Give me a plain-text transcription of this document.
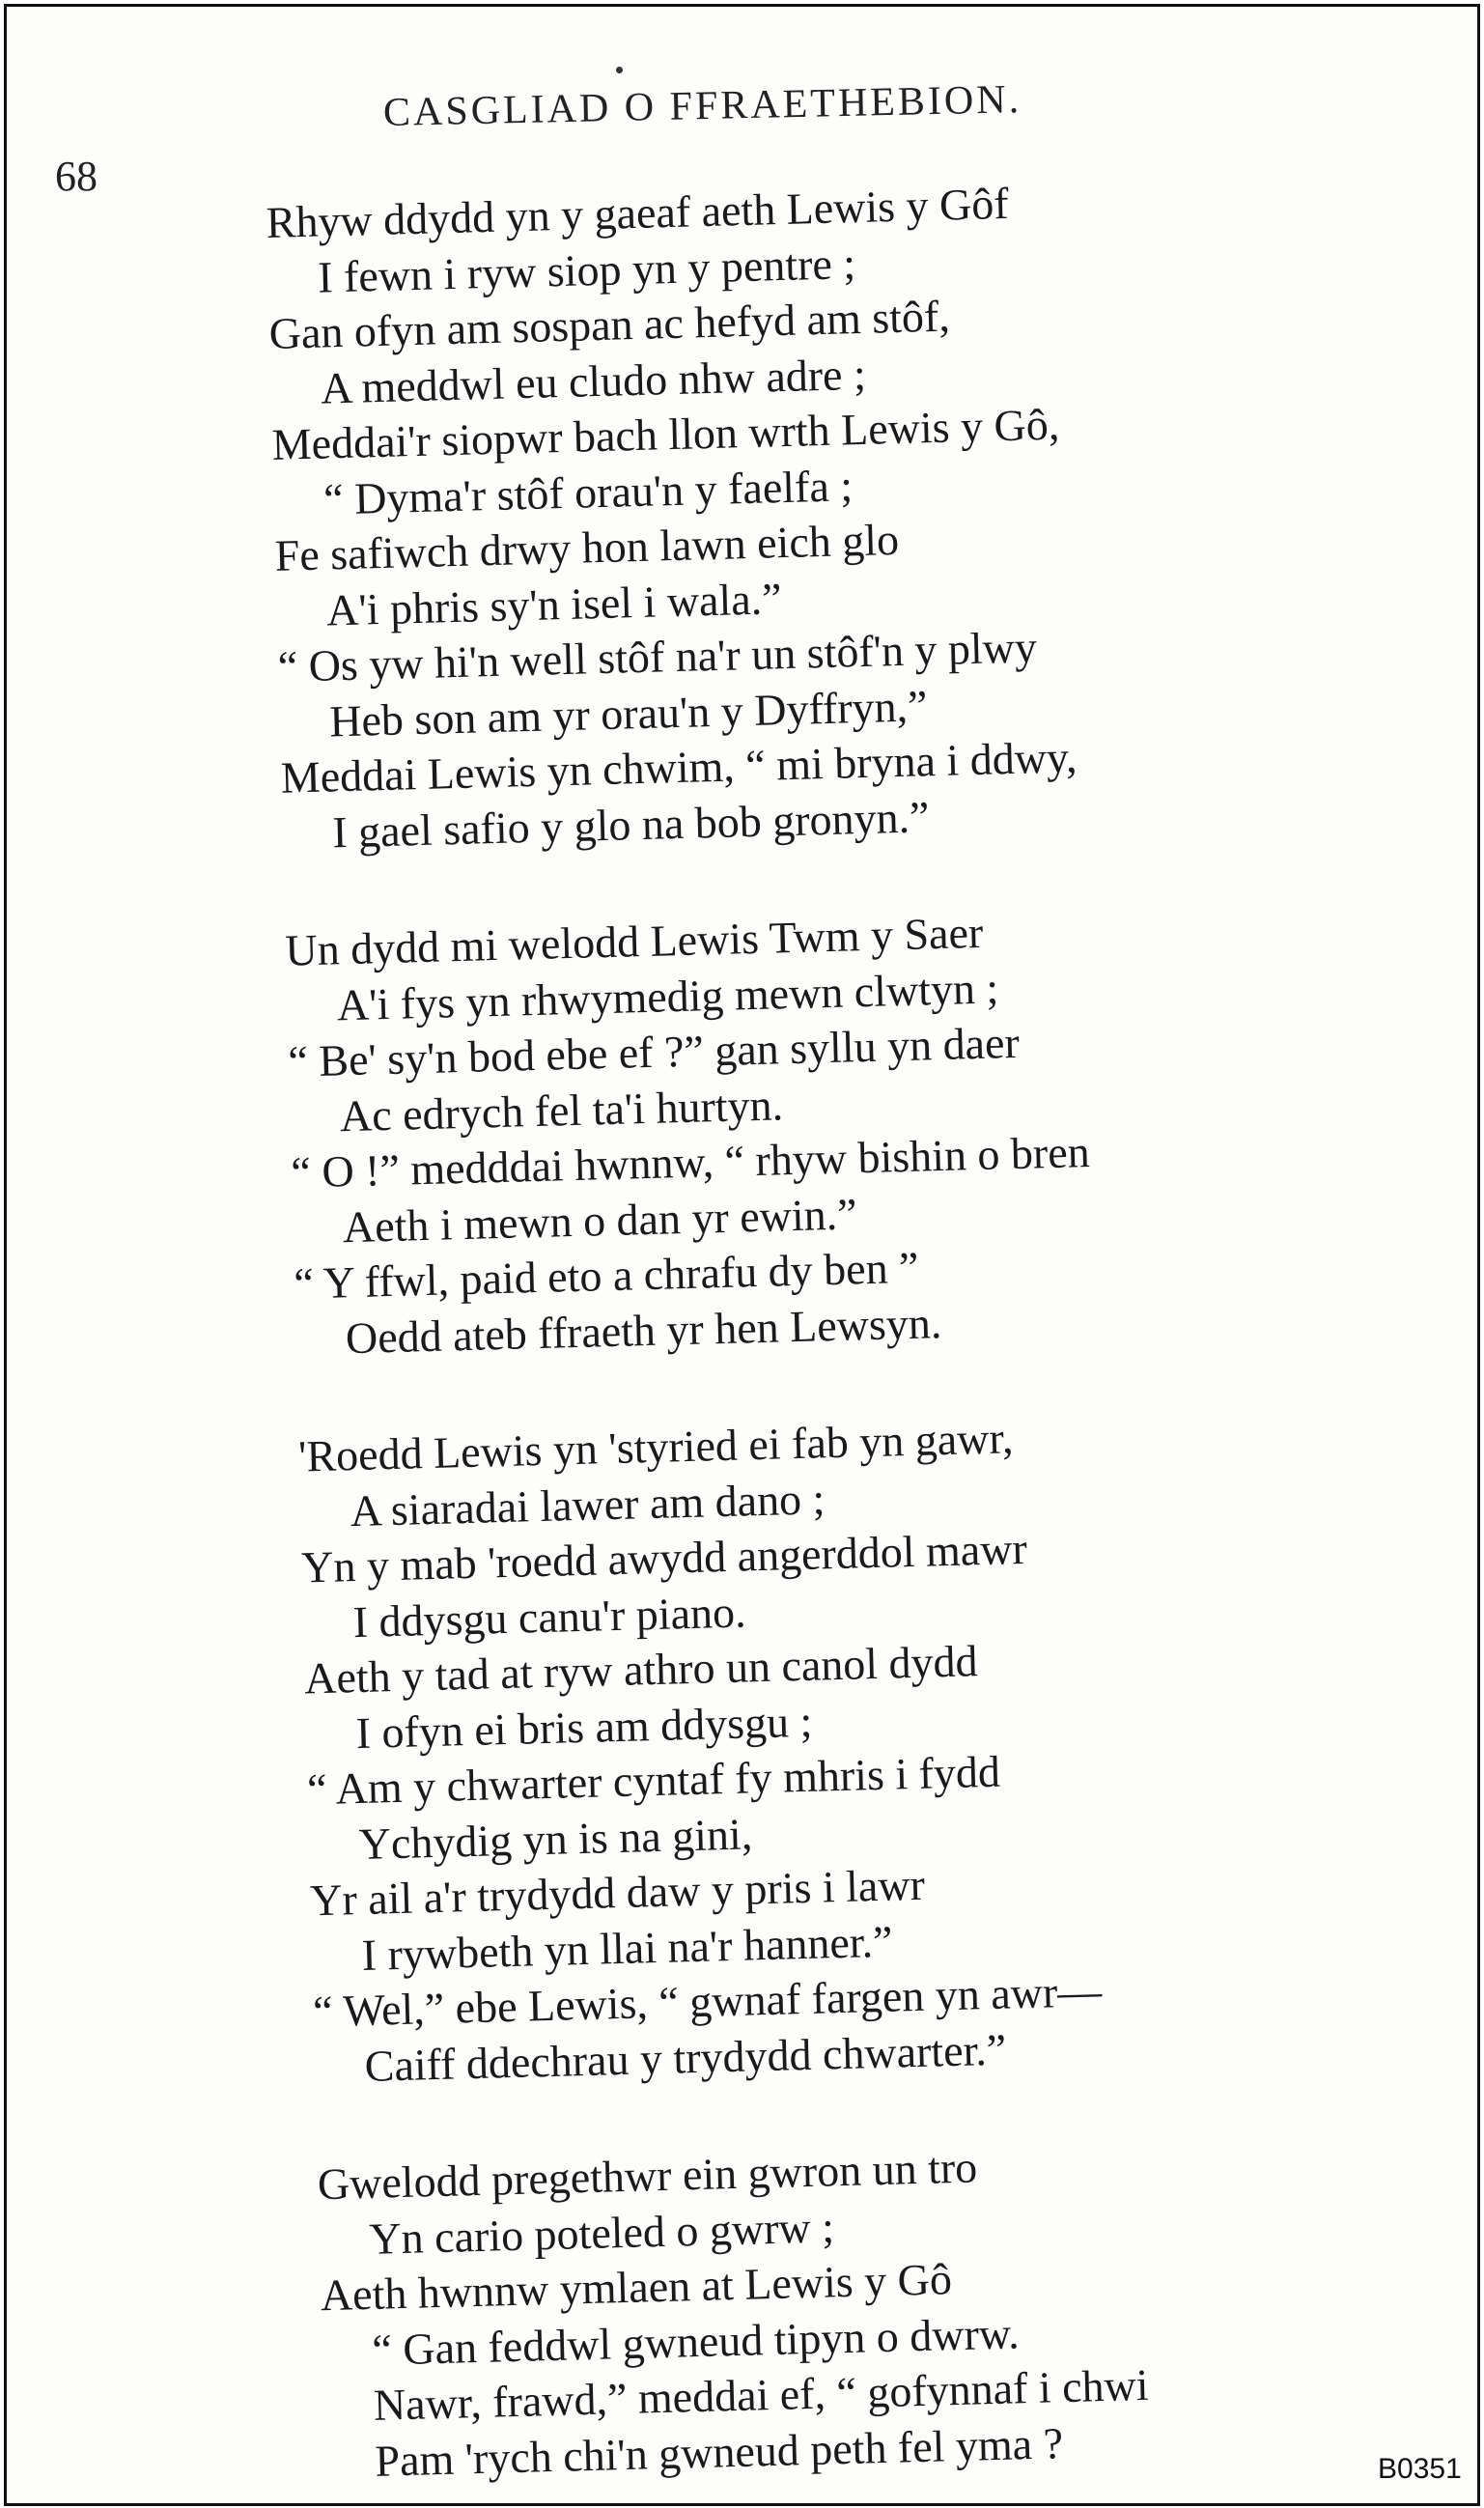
68
CASGLIAD O FFRAETHEBION.
Rhyw ddydd yn y gaeaf aeth Lewis y Gôf
I fewn i ryw siop yn y pentre ;
Gan ofyn am sospan ac hefyd am stôf,
A meddwl eu cludo nhw adre ;
Meddai'r siopwr bach llon wrth Lewis y Gô,
“ Dyma'r stôf orau'n y faelfa ;
Fe safiwch drwy hon lawn eich glo
A'i phris sy'n isel i wala.”
“ Os yw hi'n well stôf na'r un stôf'n y plwy
Heb son am yr orau'n y Dyffryn,”
Meddai Lewis yn chwim, “ mi bryna i ddwy,
I gael safio y glo na bob gronyn.”
Un dydd mi welodd Lewis Twm y Saer
A'i fys yn rhwymedig mewn clwtyn ;
“ Be' sy'n bod ebe ef ?” gan syllu yn daer
Ac edrych fel ta'i hurtyn.
“ O !” medddai hwnnw, “ rhyw bishin o bren
Aeth i mewn o dan yr ewin.”
“ Y ffwl, paid eto a chrafu dy ben ”
Oedd ateb ffraeth yr hen Lewsyn.
'Roedd Lewis yn 'styried ei fab yn gawr,
A siaradai lawer am dano ;
Yn y mab 'roedd awydd angerddol mawr
I ddysgu canu'r piano.
Aeth y tad at ryw athro un canol dydd
I ofyn ei bris am ddysgu ;
“ Am y chwarter cyntaf fy mhris i fydd
Ychydig yn is na gini,
Yr ail a'r trydydd daw y pris i lawr
I rywbeth yn llai na'r hanner.”
“ Wel,” ebe Lewis, “ gwnaf fargen yn awr—
Caiff ddechrau y trydydd chwarter.”
Gwelodd pregethwr ein gwron un tro
Yn cario poteled o gwrw ;
Aeth hwnnw ymlaen at Lewis y Gô
“ Gan feddwl gwneud tipyn o dwrw.
Nawr, frawd,” meddai ef, “ gofynnaf i chwi
Pam 'rych chi'n gwneud peth fel yma ?	B0351
